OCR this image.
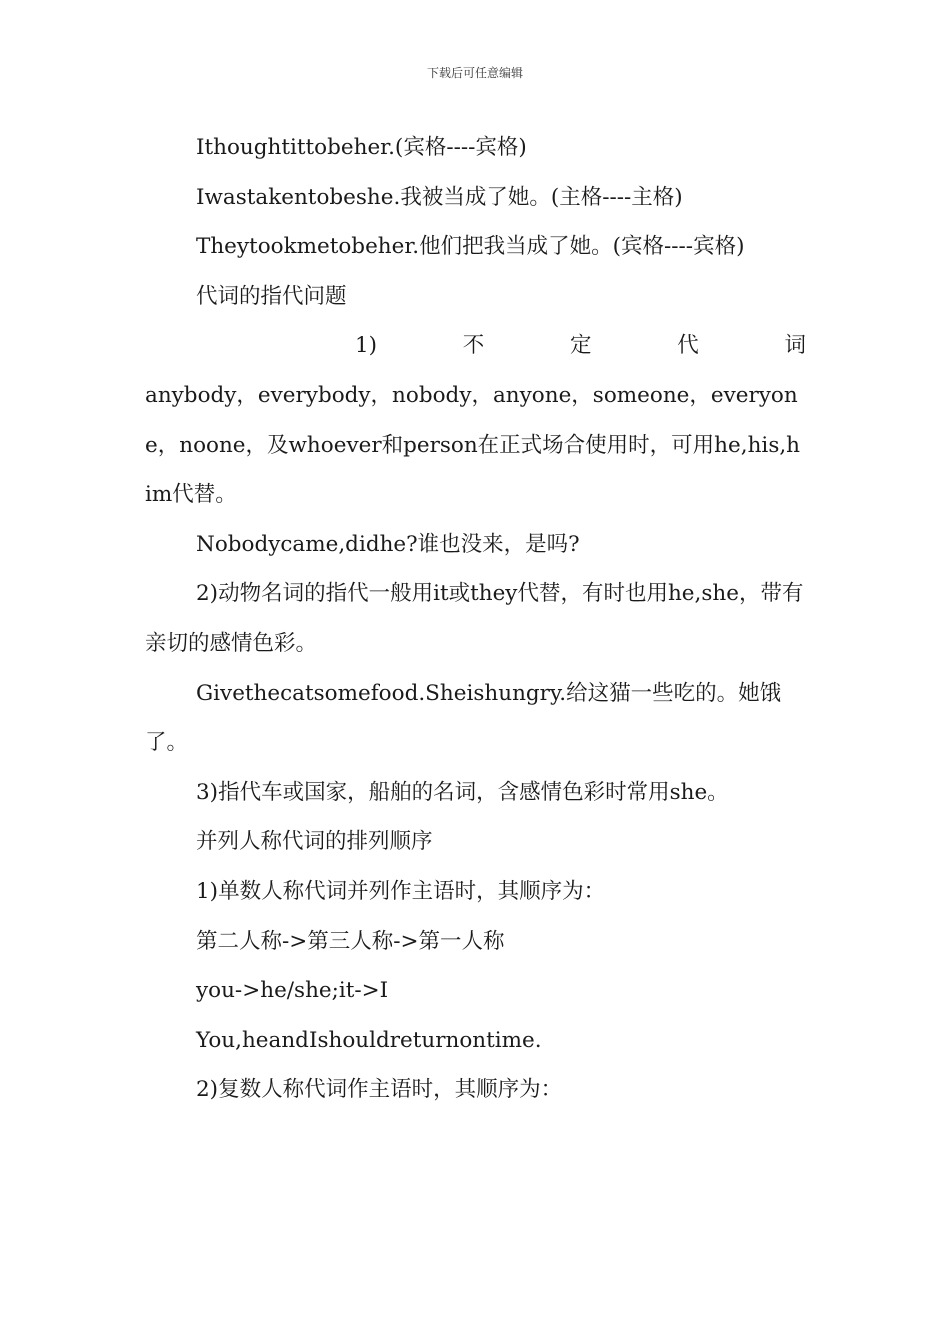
下载后可任意编辑

Ithoughtittobeher.(宾格----宾格)

Iwastakentobeshe.我被当成了她。(主格----主格)

Theytookmetobeher.他们把我当成了她。(宾格----宾格)

代词的指代问题

1)	不	定	代	词

anybody，everybody，nobody，anyone，someone，everyone，noone，及whoever和person在正式场合使用时，可用he,his,him代替。

Nobodycame,didhe?谁也没来，是吗?

2)动物名词的指代一般用it或they代替，有时也用he,she，带有亲切的感情色彩。

Givethecatsomefood.Sheishungry.给这猫一些吃的。她饿了。

3)指代车或国家，船舶的名词，含感情色彩时常用she。

并列人称代词的排列顺序

1)单数人称代词并列作主语时，其顺序为：

第二人称->第三人称->第一人称

you->he/she;it->I

You,heandIshouldreturnontime.

2)复数人称代词作主语时，其顺序为：
